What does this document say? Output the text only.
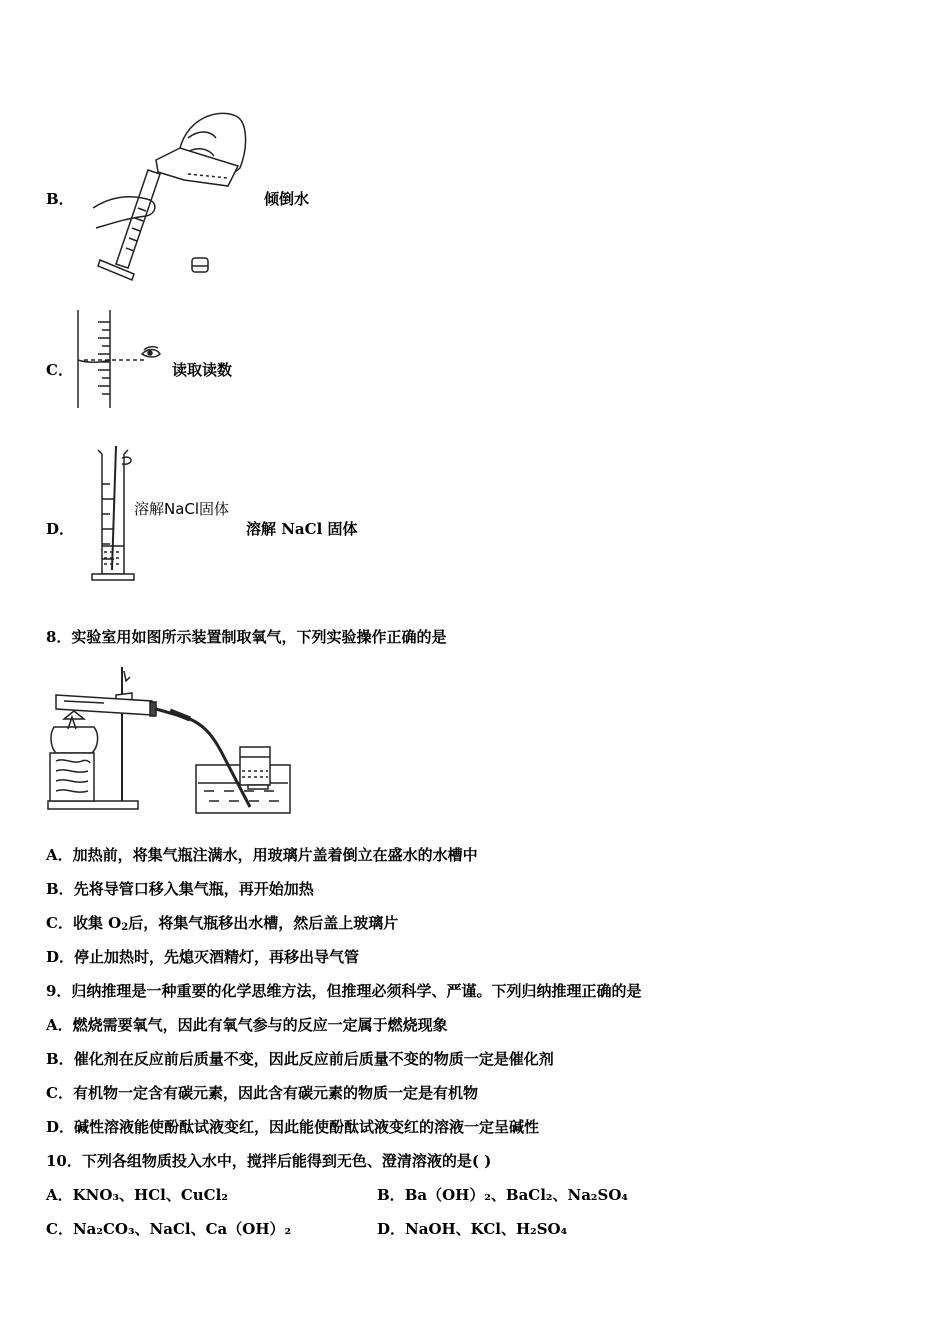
B．	倾倒水
C．	读取读数
D．
溶解NaCl固体
溶解 NaCl 固体
8．实验室用如图所示装置制取氧气，下列实验操作正确的是
A．加热前，将集气瓶注满水，用玻璃片盖着倒立在盛水的水槽中
B．先将导管口移入集气瓶，再开始加热
C．收集 $O_2$后，将集气瓶移出水槽，然后盖上玻璃片
D．停止加热时，先熄灭酒精灯，再移出导气管
9．归纳推理是一种重要的化学思维方法，但推理必须科学、严谨。下列归纳推理正确的是
A．燃烧需要氧气，因此有氧气参与的反应一定属于燃烧现象
B．催化剂在反应前后质量不变，因此反应前后质量不变的物质一定是催化剂
C．有机物一定含有碳元素，因此含有碳元素的物质一定是有机物
D．碱性溶液能使酚酞试液变红，因此能使酚酞试液变红的溶液一定呈碱性
10．下列各组物质投入水中，搅拌后能得到无色、澄清溶液的是( )
A．KNO₃、HCl、CuCl₂	B．Ba（OH）₂、BaCl₂、Na₂SO₄
C．Na₂CO₃、NaCl、Ca（OH）₂	D．NaOH、KCl、H₂SO₄
